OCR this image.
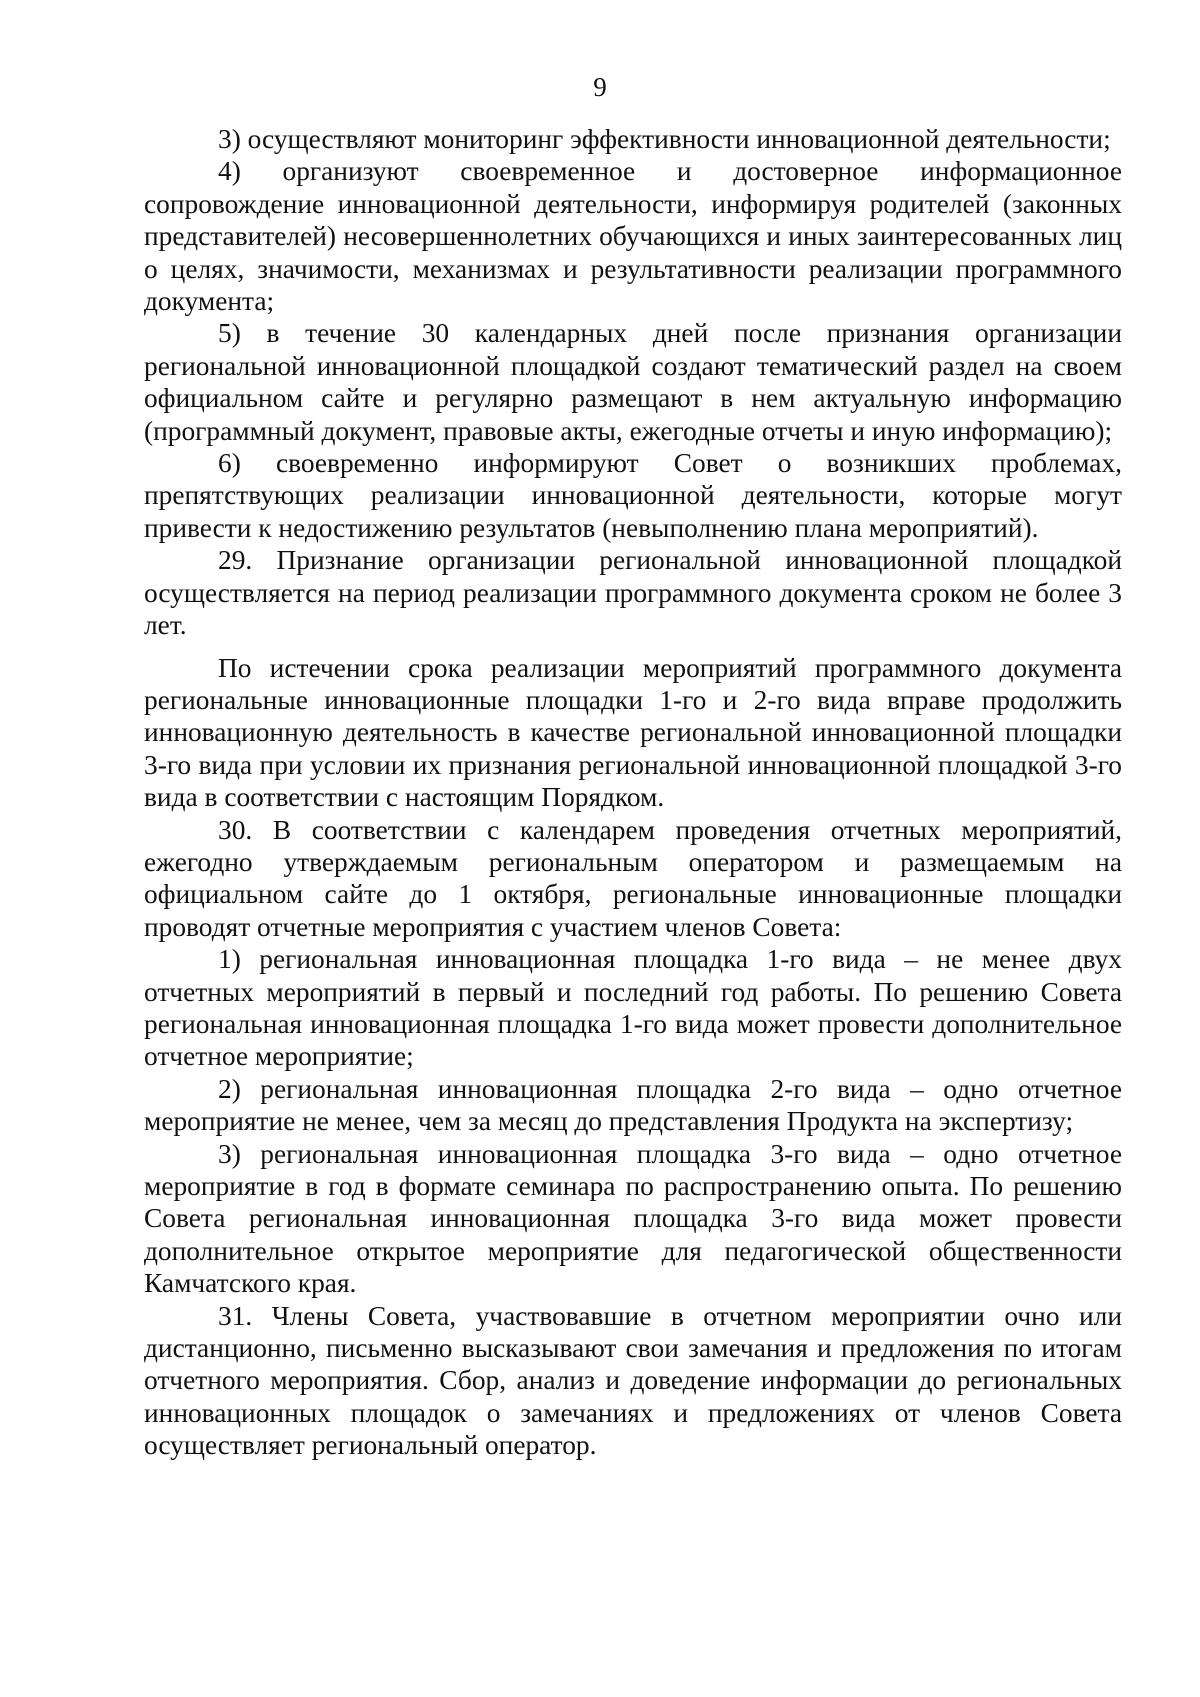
9

3) осуществляют мониторинг эффективности инновационной деятельности;

4) организуют своевременное и достоверное информационное сопровождение инновационной деятельности, информируя родителей (законных представителей) несовершеннолетних обучающихся и иных заинтересованных лиц о целях, значимости, механизмах и результативности реализации программного документа;

5) в течение 30 календарных дней после признания организации региональной инновационной площадкой создают тематический раздел на своем официальном сайте и регулярно размещают в нем актуальную информацию (программный документ, правовые акты, ежегодные отчеты и иную информацию);

6) своевременно информируют Совет о возникших проблемах, препятствующих реализации инновационной деятельности, которые могут привести к недостижению результатов (невыполнению плана мероприятий).

29. Признание организации региональной инновационной площадкой осуществляется на период реализации программного документа сроком не более 3 лет.

По истечении срока реализации мероприятий программного документа региональные инновационные площадки 1-го и 2-го вида вправе продолжить инновационную деятельность в качестве региональной инновационной площадки 3-го вида при условии их признания региональной инновационной площадкой 3-го вида в соответствии с настоящим Порядком.

30. В соответствии с календарем проведения отчетных мероприятий, ежегодно утверждаемым региональным оператором и размещаемым на официальном сайте до 1 октября, региональные инновационные площадки проводят отчетные мероприятия с участием членов Совета:

1) региональная инновационная площадка 1-го вида – не менее двух отчетных мероприятий в первый и последний год работы. По решению Совета региональная инновационная площадка 1-го вида может провести дополнительное отчетное мероприятие;

2) региональная инновационная площадка 2-го вида – одно отчетное мероприятие не менее, чем за месяц до представления Продукта на экспертизу;

3) региональная инновационная площадка 3-го вида – одно отчетное мероприятие в год в формате семинара по распространению опыта. По решению Совета региональная инновационная площадка 3-го вида может провести дополнительное открытое мероприятие для педагогической общественности Камчатского края.

31. Члены Совета, участвовавшие в отчетном мероприятии очно или дистанционно, письменно высказывают свои замечания и предложения по итогам отчетного мероприятия. Сбор, анализ и доведение информации до региональных инновационных площадок о замечаниях и предложениях от членов Совета осуществляет региональный оператор.
